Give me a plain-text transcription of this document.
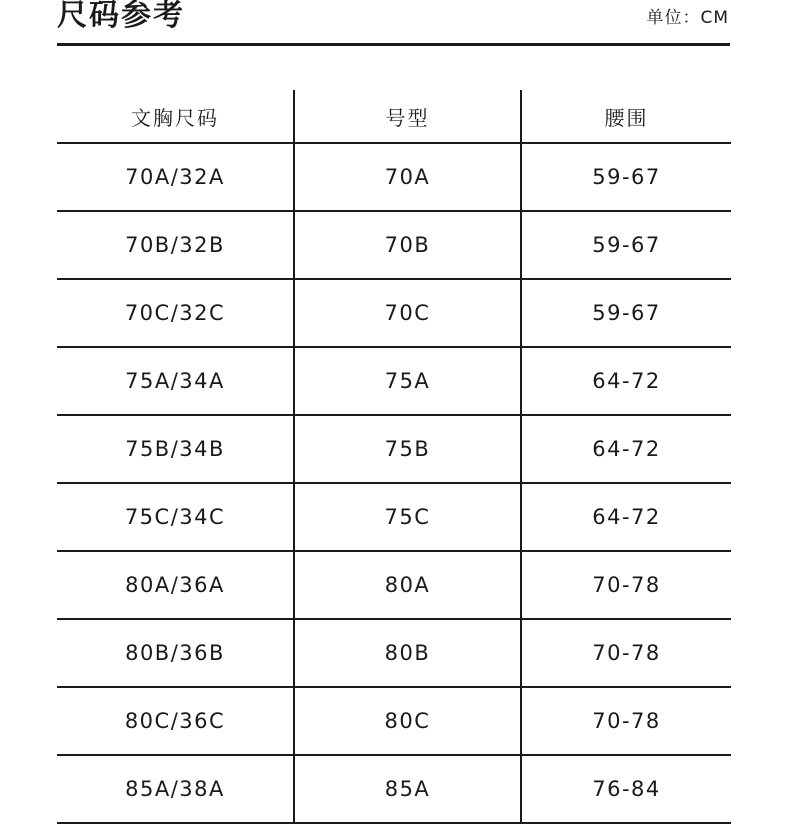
尺码参考	单位：CM
文胸尺码	号型	腰围
70A/32A	70A	59-67
70B/32B	70B	59-67
70C/32C	70C	59-67
75A/34A	75A	64-72
75B/34B	75B	64-72
75C/34C	75C	64-72
80A/36A	80A	70-78
80B/36B	80B	70-78
80C/36C	80C	70-78
85A/38A	85A	76-84
